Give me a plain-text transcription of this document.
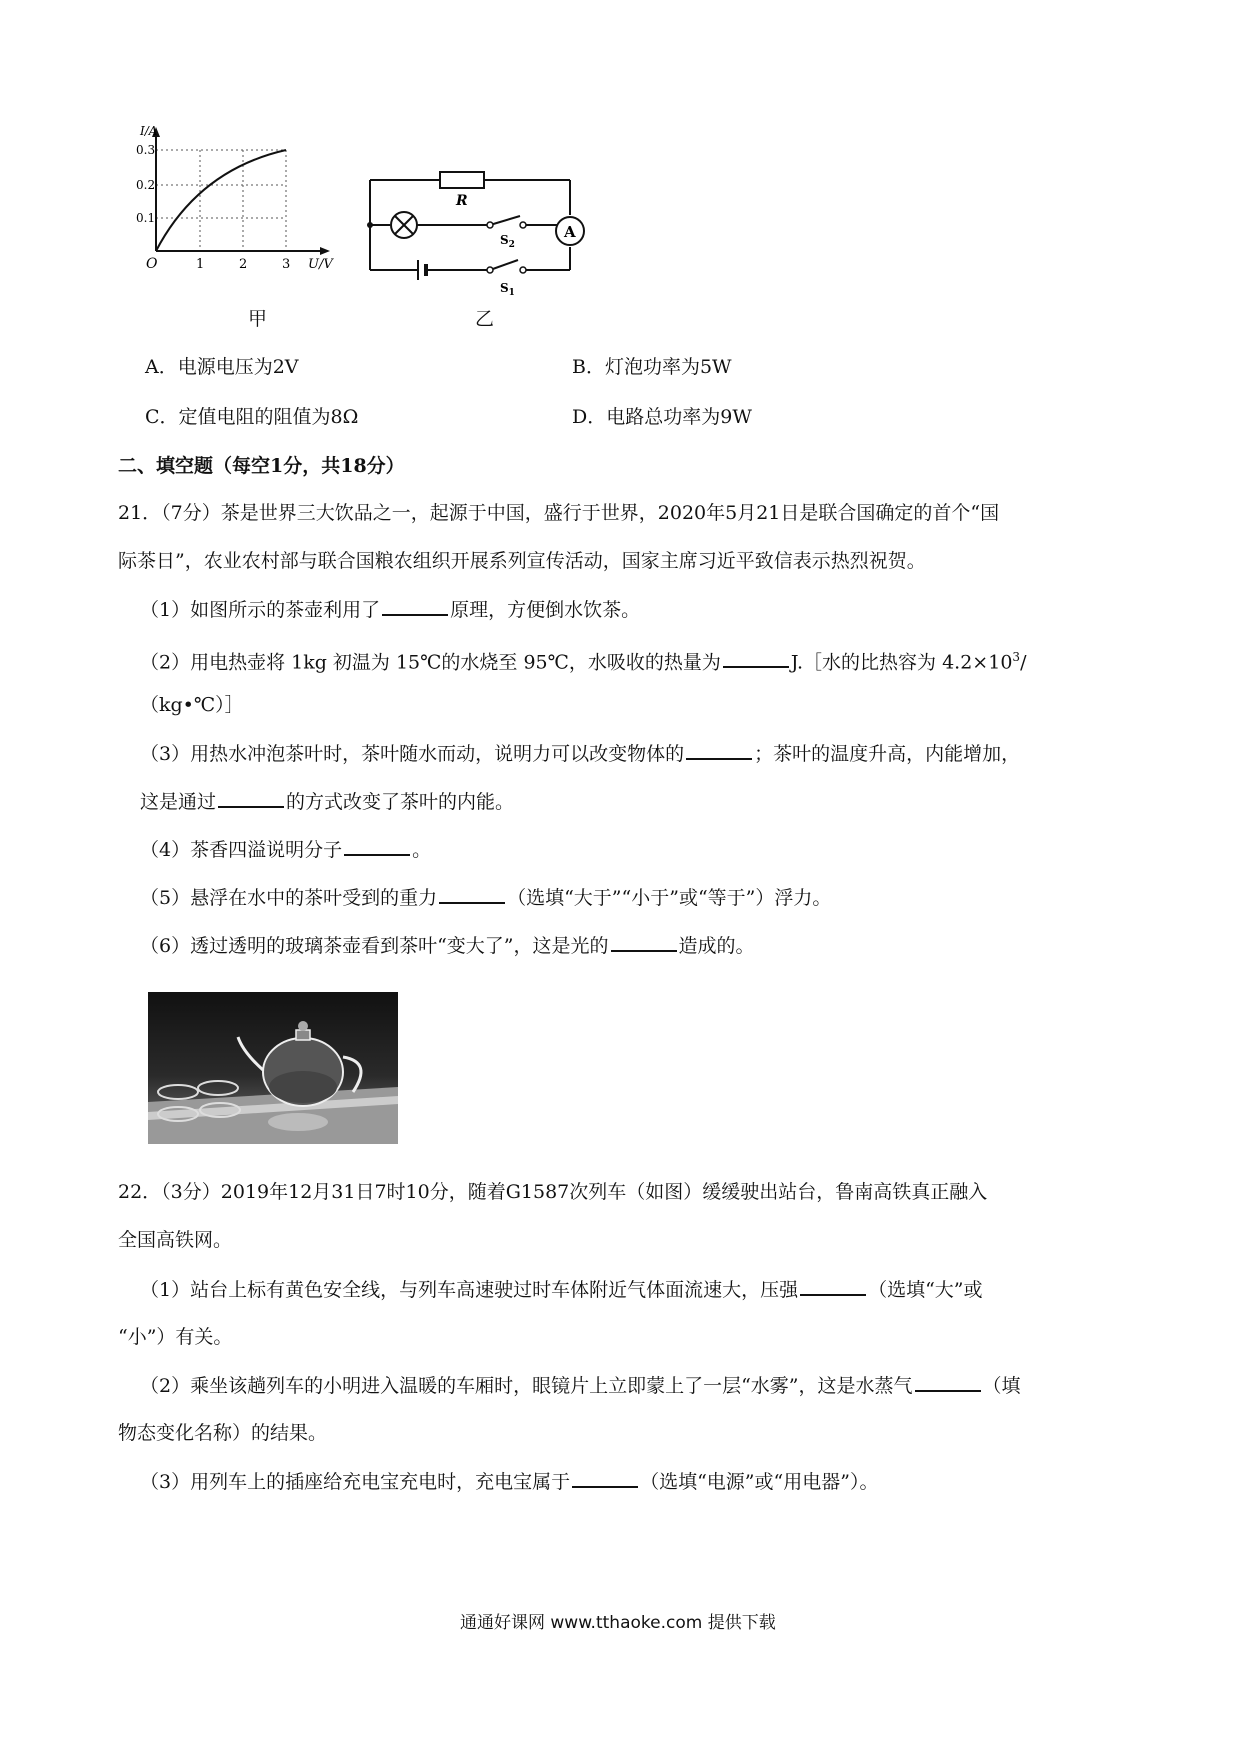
I/A
0.3
0.2
0.1
O	1	2	3 U/V
甲
A
R
$S_2$
$S_1$
乙
A．电源电压为2V	B．灯泡功率为5W
C．定值电阻的阻值为8Ω	D．电路总功率为9W
二、填空题（每空1分，共18分）
21．（7分）茶是世界三大饮品之一，起源于中国，盛行于世界，2020年5月21日是联合国确定的首个“国
际茶日”，农业农村部与联合国粮农组织开展系列宣传活动，国家主席习近平致信表示热烈祝贺。
（1）如图所示的茶壶利用了	原理，方便倒水饮茶。
（2）用电热壶将 1kg 初温为 15℃的水烧至 95℃，水吸收的热量为	J.［水的比热容为 $4.2\times 10^3/$
（kg•℃）］
（3）用热水冲泡茶叶时，茶叶随水而动，说明力可以改变物体的	；茶叶的温度升高，内能增加，
这是通过	的方式改变了茶叶的内能。
（4）茶香四溢说明分子	。
（5）悬浮在水中的茶叶受到的重力	（选填“大于”“小于”或“等于”）浮力。
（6）透过透明的玻璃茶壶看到茶叶“变大了”，这是光的	造成的。
22．（3分）2019年12月31日7时10分，随着G1587次列车（如图）缓缓驶出站台，鲁南高铁真正融入
全国高铁网。
（1）站台上标有黄色安全线，与列车高速驶过时车体附近气体面流速大，压强	（选填“大”或
“小”）有关。
（2）乘坐该趟列车的小明进入温暖的车厢时，眼镜片上立即蒙上了一层“水雾”，这是水蒸气	（填
物态变化名称）的结果。
（3）用列车上的插座给充电宝充电时，充电宝属于	（选填“电源”或“用电器”）。
通通好课网 www.tthaoke.com 提供下载
